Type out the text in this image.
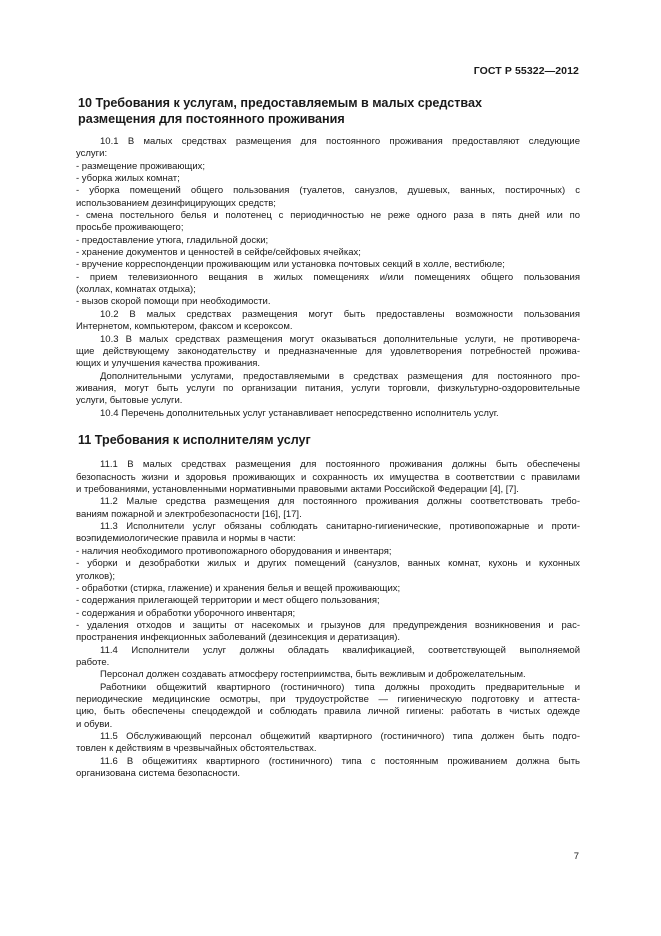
ГОСТ Р 55322—2012
10 Требования к услугам, предоставляемым в малых средствах
размещения для постоянного проживания
10.1 В малых средствах размещения для постоянного проживания предоставляют следующие
услуги:
- размещение проживающих;
- уборка жилых комнат;
- уборка помещений общего пользования (туалетов, санузлов, душевых, ванных, постирочных) с
использованием дезинфицирующих средств;
- смена постельного белья и полотенец с периодичностью не реже одного раза в пять дней или по
просьбе проживающего;
- предоставление утюга, гладильной доски;
- хранение документов и ценностей в сейфе/сейфовых ячейках;
- вручение корреспонденции проживающим или установка почтовых секций в холле, вестибюле;
- прием телевизионного вещания в жилых помещениях и/или помещениях общего пользования
(холлах, комнатах отдыха);
- вызов скорой помощи при необходимости.
10.2 В малых средствах размещения могут быть предоставлены возможности пользования
Интернетом, компьютером, факсом и ксероксом.
10.3 В малых средствах размещения могут оказываться дополнительные услуги, не противореча-
щие действующему законодательству и предназначенные для удовлетворения потребностей прожива-
ющих и улучшения качества проживания.
Дополнительными услугами, предоставляемыми в средствах размещения для постоянного про-
живания, могут быть услуги по организации питания, услуги торговли, физкультурно-оздоровительные
услуги, бытовые услуги.
10.4 Перечень дополнительных услуг устанавливает непосредственно исполнитель услуг.
11 Требования к исполнителям услуг
11.1 В малых средствах размещения для постоянного проживания должны быть обеспечены
безопасность жизни и здоровья проживающих и сохранность их имущества в соответствии с правилами
и требованиями, установленными нормативными правовыми актами Российской Федерации [4], [7].
11.2 Малые средства размещения для постоянного проживания должны соответствовать требо-
ваниям пожарной и электробезопасности [16], [17].
11.3 Исполнители услуг обязаны соблюдать санитарно-гигиенические, противопожарные и проти-
воэпидемиологические правила и нормы в части:
- наличия необходимого противопожарного оборудования и инвентаря;
- уборки и дезобработки жилых и других помещений (санузлов, ванных комнат, кухонь и кухонных
уголков);
- обработки (стирка, глажение) и хранения белья и вещей проживающих;
- содержания прилегающей территории и мест общего пользования;
- содержания и обработки уборочного инвентаря;
- удаления отходов и защиты от насекомых и грызунов для предупреждения возникновения и рас-
пространения инфекционных заболеваний (дезинсекция и дератизация).
11.4 Исполнители услуг должны обладать квалификацией, соответствующей выполняемой
работе.
Персонал должен создавать атмосферу гостеприимства, быть вежливым и доброжелательным.
Работники общежитий квартирного (гостиничного) типа должны проходить предварительные и
периодические медицинские осмотры, при трудоустройстве — гигиеническую подготовку и аттеста-
цию, быть обеспечены спецодеждой и соблюдать правила личной гигиены: работать в чистых одежде
и обуви.
11.5 Обслуживающий персонал общежитий квартирного (гостиничного) типа должен быть подго-
товлен к действиям в чрезвычайных обстоятельствах.
11.6 В общежитиях квартирного (гостиничного) типа с постоянным проживанием должна быть
организована система безопасности.
7
